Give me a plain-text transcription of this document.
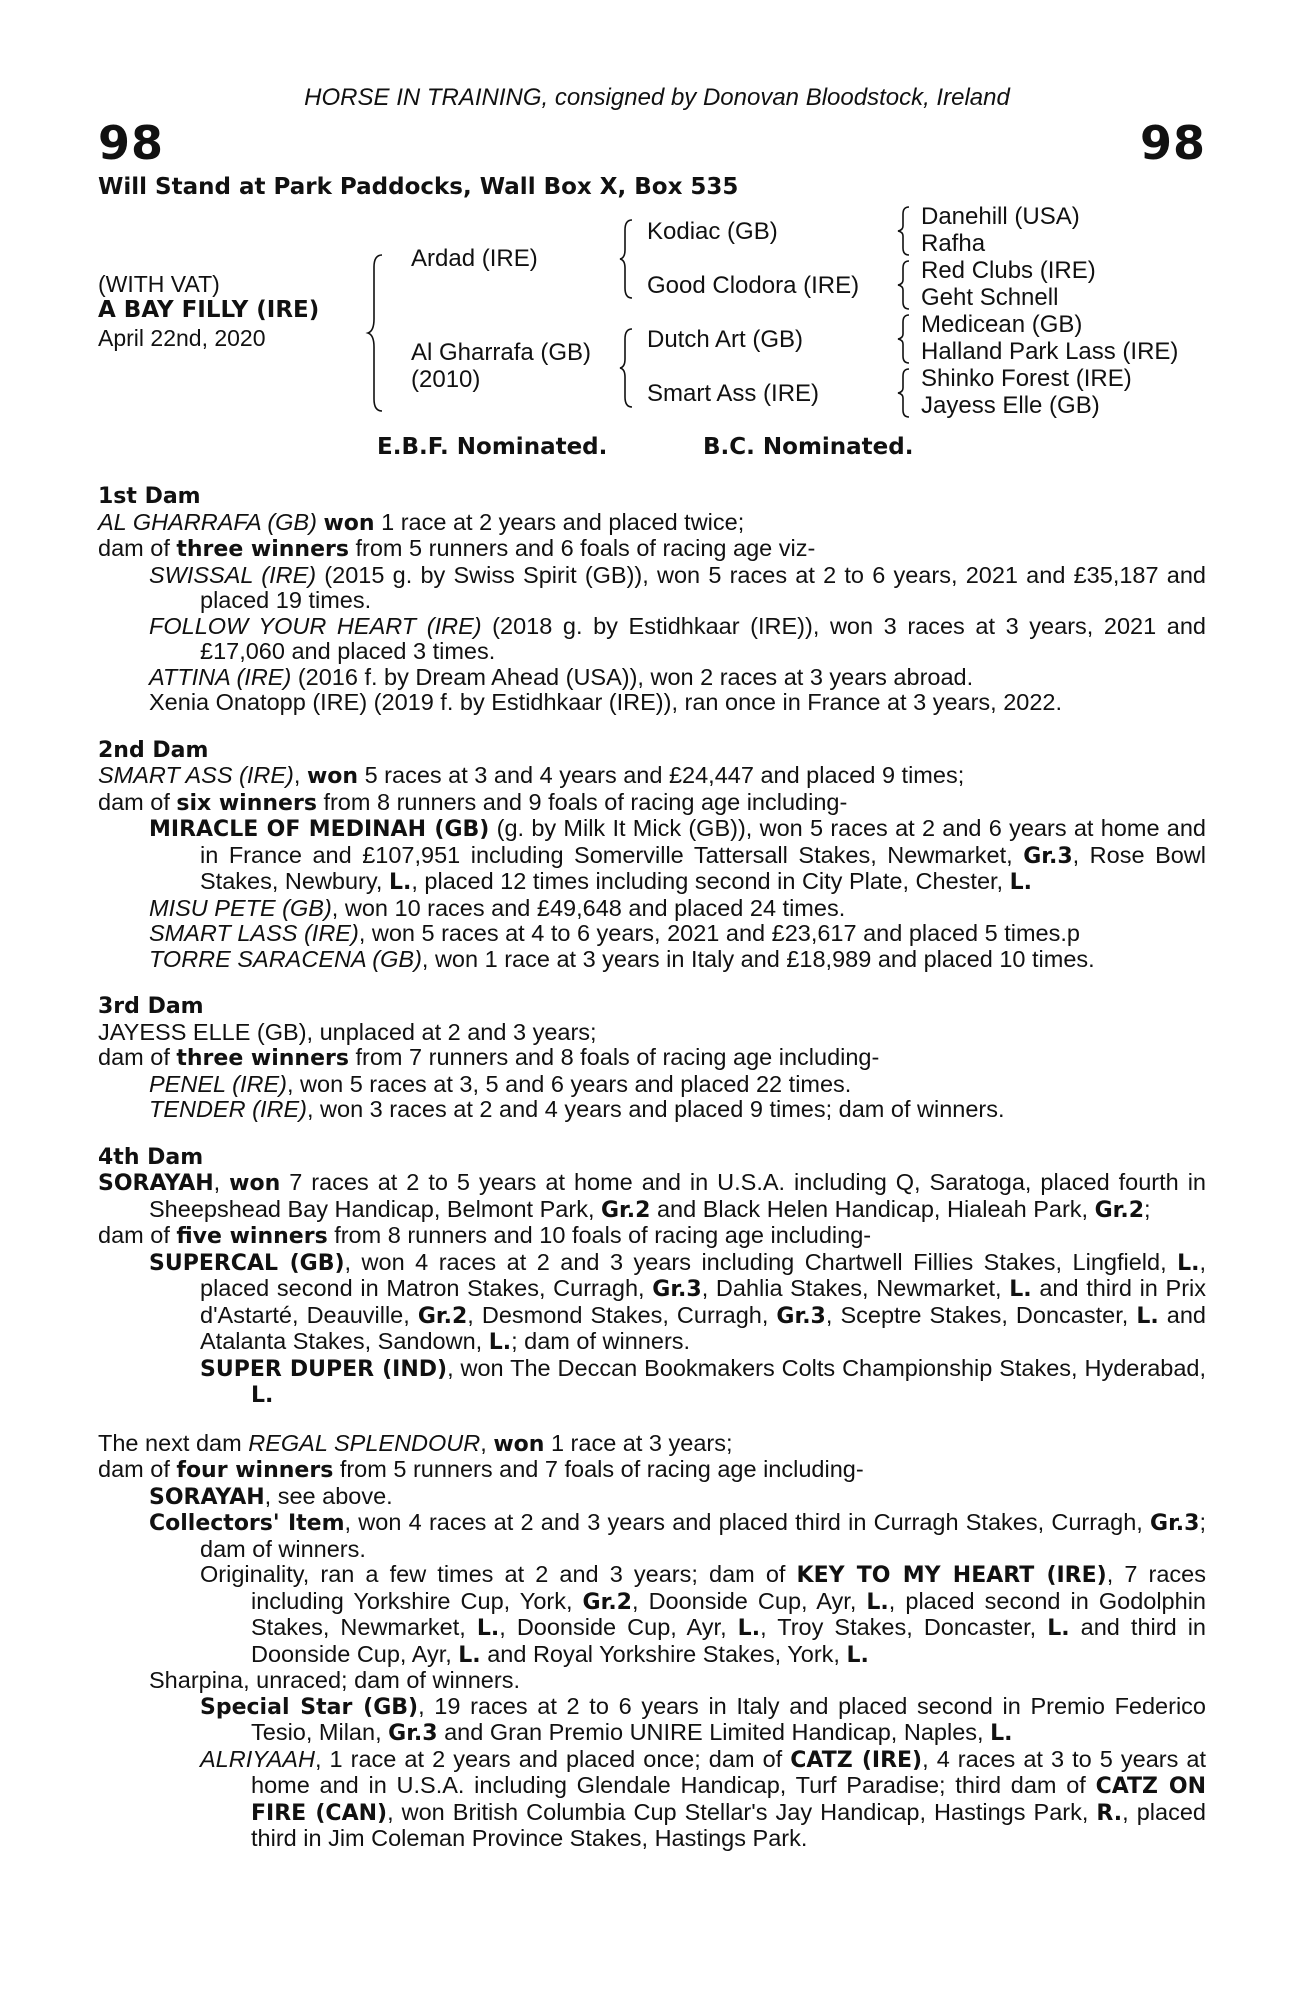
HORSE IN TRAINING, consigned by Donovan Bloodstock, Ireland
98	98
Will Stand at Park Paddocks, Wall Box X, Box 535
(WITH VAT)
A BAY FILLY (IRE)
April 22nd, 2020
Ardad (IRE)
Al Gharrafa (GB)
(2010)
Kodiac (GB)
Good Clodora (IRE)
Dutch Art (GB)
Smart Ass (IRE)
Danehill (USA)
Rafha
Red Clubs (IRE)
Geht Schnell
Medicean (GB)
Halland Park Lass (IRE)
Shinko Forest (IRE)
Jayess Elle (GB)
E.B.F. Nominated.	B.C. Nominated.
1st Dam
AL GHARRAFA (GB) won 1 race at 2 years and placed twice;
dam of three winners from 5 runners and 6 foals of racing age viz-
SWISSAL (IRE) (2015 g. by Swiss Spirit (GB)), won 5 races at 2 to 6 years, 2021 and £35,187 and placed 19 times.
FOLLOW YOUR HEART (IRE) (2018 g. by Estidhkaar (IRE)), won 3 races at 3 years, 2021 and £17,060 and placed 3 times.
ATTINA (IRE) (2016 f. by Dream Ahead (USA)), won 2 races at 3 years abroad.
Xenia Onatopp (IRE) (2019 f. by Estidhkaar (IRE)), ran once in France at 3 years, 2022.
2nd Dam
SMART ASS (IRE), won 5 races at 3 and 4 years and £24,447 and placed 9 times;
dam of six winners from 8 runners and 9 foals of racing age including-
MIRACLE OF MEDINAH (GB) (g. by Milk It Mick (GB)), won 5 races at 2 and 6 years at home and in France and £107,951 including Somerville Tattersall Stakes, Newmarket, Gr.3, Rose Bowl Stakes, Newbury, L., placed 12 times including second in City Plate, Chester, L.
MISU PETE (GB), won 10 races and £49,648 and placed 24 times.
SMART LASS (IRE), won 5 races at 4 to 6 years, 2021 and £23,617 and placed 5 times.p
TORRE SARACENA (GB), won 1 race at 3 years in Italy and £18,989 and placed 10 times.
3rd Dam
JAYESS ELLE (GB), unplaced at 2 and 3 years;
dam of three winners from 7 runners and 8 foals of racing age including-
PENEL (IRE), won 5 races at 3, 5 and 6 years and placed 22 times.
TENDER (IRE), won 3 races at 2 and 4 years and placed 9 times; dam of winners.
4th Dam
SORAYAH, won 7 races at 2 to 5 years at home and in U.S.A. including Q, Saratoga, placed fourth in Sheepshead Bay Handicap, Belmont Park, Gr.2 and Black Helen Handicap, Hialeah Park, Gr.2;
dam of five winners from 8 runners and 10 foals of racing age including-
SUPERCAL (GB), won 4 races at 2 and 3 years including Chartwell Fillies Stakes, Lingfield, L., placed second in Matron Stakes, Curragh, Gr.3, Dahlia Stakes, Newmarket, L. and third in Prix d'Astarté, Deauville, Gr.2, Desmond Stakes, Curragh, Gr.3, Sceptre Stakes, Doncaster, L. and Atalanta Stakes, Sandown, L.; dam of winners.
SUPER DUPER (IND), won The Deccan Bookmakers Colts Championship Stakes, Hyderabad, L.
The next dam REGAL SPLENDOUR, won 1 race at 3 years;
dam of four winners from 5 runners and 7 foals of racing age including-
SORAYAH, see above.
Collectors' Item, won 4 races at 2 and 3 years and placed third in Curragh Stakes, Curragh, Gr.3; dam of winners.
Originality, ran a few times at 2 and 3 years; dam of KEY TO MY HEART (IRE), 7 races including Yorkshire Cup, York, Gr.2, Doonside Cup, Ayr, L., placed second in Godolphin Stakes, Newmarket, L., Doonside Cup, Ayr, L., Troy Stakes, Doncaster, L. and third in Doonside Cup, Ayr, L. and Royal Yorkshire Stakes, York, L.
Sharpina, unraced; dam of winners.
Special Star (GB), 19 races at 2 to 6 years in Italy and placed second in Premio Federico Tesio, Milan, Gr.3 and Gran Premio UNIRE Limited Handicap, Naples, L.
ALRIYAAH, 1 race at 2 years and placed once; dam of CATZ (IRE), 4 races at 3 to 5 years at home and in U.S.A. including Glendale Handicap, Turf Paradise; third dam of CATZ ON FIRE (CAN), won British Columbia Cup Stellar's Jay Handicap, Hastings Park, R., placed third in Jim Coleman Province Stakes, Hastings Park.
